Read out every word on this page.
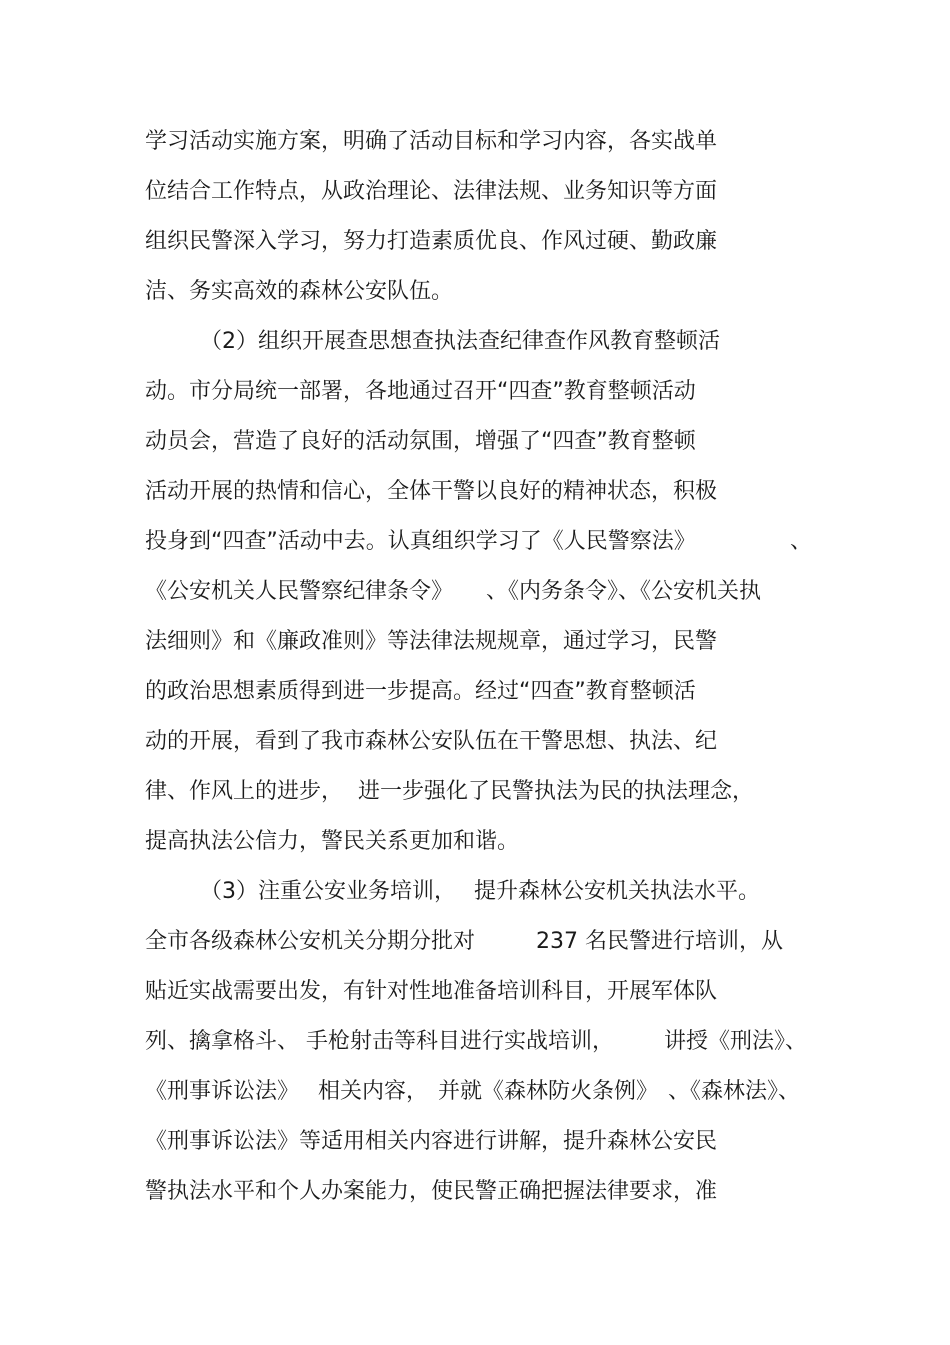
学习活动实施方案，明确了活动目标和学习内容，各实战单
位结合工作特点，从政治理论、法律法规、业务知识等方面
组织民警深入学习，努力打造素质优良、作风过硬、勤政廉
洁、务实高效的森林公安队伍。
（2）组织开展查思想查执法查纪律查作风教育整顿活
动。市分局统一部署，各地通过召开“四查”教育整顿活动
动员会，营造了良好的活动氛围，增强了“四查”教育整顿
活动开展的热情和信心，全体干警以良好的精神状态，积极
投身到“四查”活动中去。认真组织学习了《人民警察法》	、
《公安机关人民警察纪律条令》 、《内务条令》、《公安机关执
法细则》和《廉政准则》等法律法规规章，通过学习，民警
的政治思想素质得到进一步提高。经过“四查”教育整顿活
动的开展，看到了我市森林公安队伍在干警思想、执法、纪
律、作风上的进步， 进一步强化了民警执法为民的执法理念，
提高执法公信力，警民关系更加和谐。
（3）注重公安业务培训， 提升森林公安机关执法水平。
全市各级森林公安机关分期分批对	237 名民警进行培训，从
贴近实战需要出发，有针对性地准备培训科目，开展军体队
列、擒拿格斗、 手枪射击等科目进行实战培训， 讲授《刑法》、
《刑事诉讼法》 相关内容， 并就《森林防火条例》 、《森林法》、
《刑事诉讼法》等适用相关内容进行讲解，提升森林公安民
警执法水平和个人办案能力，使民警正确把握法律要求，准
